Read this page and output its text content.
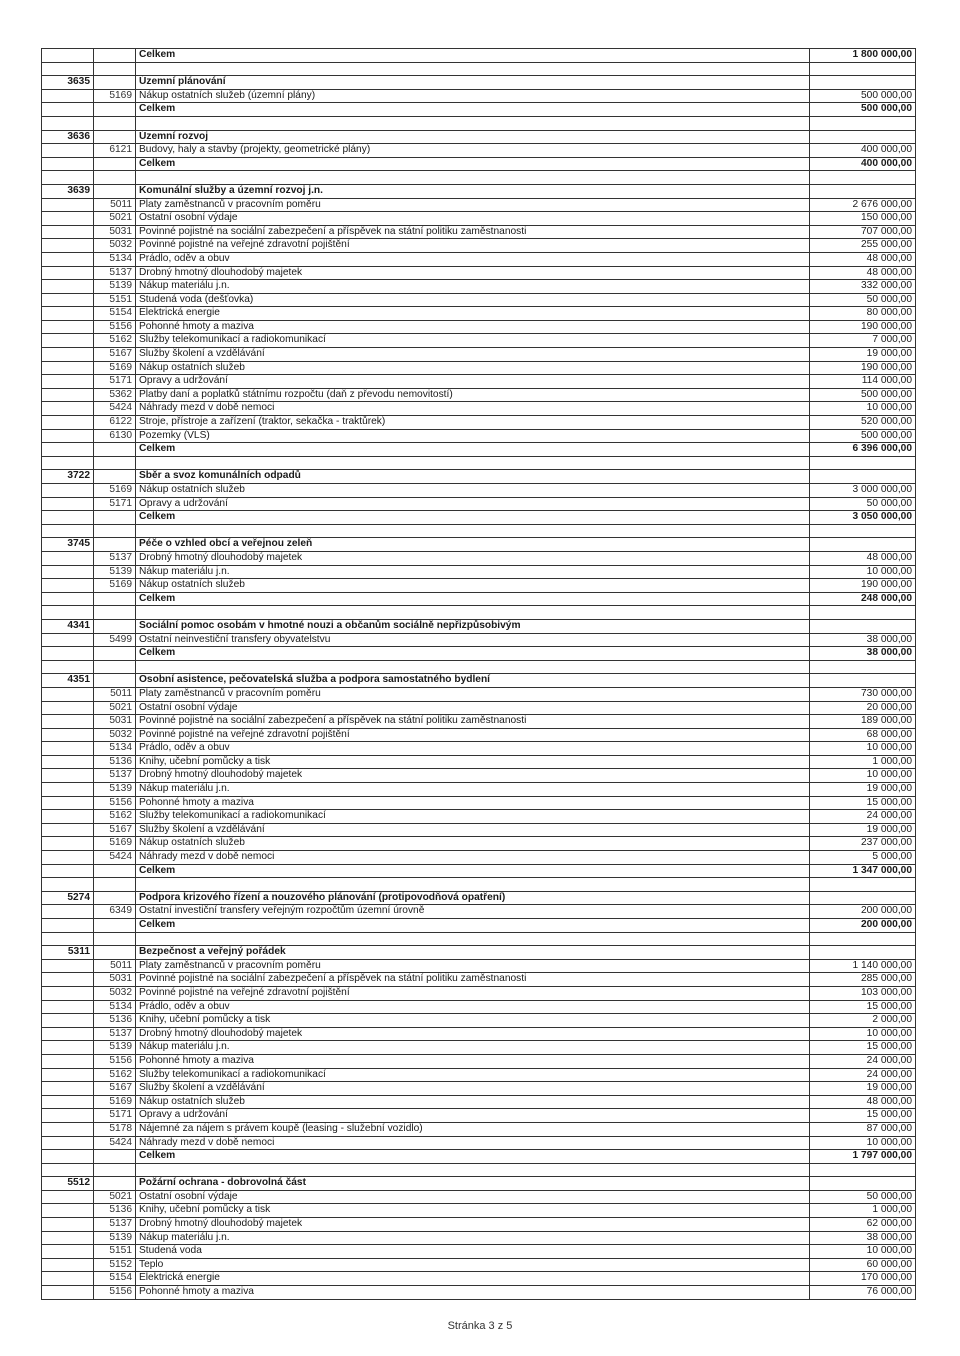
		Celkem	1 800 000,00

3635		Územní plánování	
	5169	Nákup ostatních služeb (územní plány)	500 000,00
		Celkem	500 000,00

3636		Územní rozvoj	
	6121	Budovy, haly a stavby (projekty, geometrické plány)	400 000,00
		Celkem	400 000,00

3639		Komunální služby a územní rozvoj j.n.	
	5011	Platy zaměstnanců v pracovním poměru	2 676 000,00
	5021	Ostatní osobní výdaje	150 000,00
	5031	Povinné pojistné na sociální zabezpečení a příspěvek na státní politiku zaměstnanosti	707 000,00
	5032	Povinné pojistné na veřejné zdravotní pojištění	255 000,00
	5134	Prádlo, oděv a obuv	48 000,00
	5137	Drobný hmotný dlouhodobý majetek	48 000,00
	5139	Nákup materiálu j.n.	332 000,00
	5151	Studená voda (dešťovka)	50 000,00
	5154	Elektrická energie	80 000,00
	5156	Pohonné hmoty a maziva	190 000,00
	5162	Služby telekomunikací a radiokomunikací	7 000,00
	5167	Služby školení a vzdělávání	19 000,00
	5169	Nákup ostatních služeb	190 000,00
	5171	Opravy a udržování	114 000,00
	5362	Platby daní a poplatků státnímu rozpočtu (daň z převodu nemovitostí)	500 000,00
	5424	Náhrady mezd v době nemoci	10 000,00
	6122	Stroje, přístroje a zařízení (traktor, sekačka - traktůrek)	520 000,00
	6130	Pozemky (VLS)	500 000,00
		Celkem	6 396 000,00

3722		Sběr a svoz komunálních odpadů	
	5169	Nákup ostatních služeb	3 000 000,00
	5171	Opravy a udržování	50 000,00
		Celkem	3 050 000,00

3745		Péče o vzhled obcí a veřejnou zeleň	
	5137	Drobný hmotný dlouhodobý majetek	48 000,00
	5139	Nákup materiálu j.n.	10 000,00
	5169	Nákup ostatních služeb	190 000,00
		Celkem	248 000,00

4341		Sociální pomoc osobám v hmotné nouzi a občanům sociálně nepřizpůsobivým	
	5499	Ostatní neinvestiční transfery obyvatelstvu	38 000,00
		Celkem	38 000,00

4351		Osobní asistence, pečovatelská služba a podpora samostatného bydlení	
	5011	Platy zaměstnanců v pracovním poměru	730 000,00
	5021	Ostatní osobní výdaje	20 000,00
	5031	Povinné pojistné na sociální zabezpečení a příspěvek na státní politiku zaměstnanosti	189 000,00
	5032	Povinné pojistné na veřejné zdravotní pojištění	68 000,00
	5134	Prádlo, oděv a obuv	10 000,00
	5136	Knihy, učební pomůcky a tisk	1 000,00
	5137	Drobný hmotný dlouhodobý majetek	10 000,00
	5139	Nákup materiálu j.n.	19 000,00
	5156	Pohonné hmoty a maziva	15 000,00
	5162	Služby telekomunikací a radiokomunikací	24 000,00
	5167	Služby školení a vzdělávání	19 000,00
	5169	Nákup ostatních služeb	237 000,00
	5424	Náhrady mezd v době nemoci	5 000,00
		Celkem	1 347 000,00

5274		Podpora krizového řízení a nouzového plánování (protipovodňová opatření)	
	6349	Ostatní investiční transfery veřejným rozpočtům územní úrovně	200 000,00
		Celkem	200 000,00

5311		Bezpečnost a veřejný pořádek	
	5011	Platy zaměstnanců v pracovním poměru	1 140 000,00
	5031	Povinné pojistné na sociální zabezpečení a příspěvek na státní politiku zaměstnanosti	285 000,00
	5032	Povinné pojistné na veřejné zdravotní pojištění	103 000,00
	5134	Prádlo, oděv a obuv	15 000,00
	5136	Knihy, učební pomůcky a tisk	2 000,00
	5137	Drobný hmotný dlouhodobý majetek	10 000,00
	5139	Nákup materiálu j.n.	15 000,00
	5156	Pohonné hmoty a maziva	24 000,00
	5162	Služby telekomunikací a radiokomunikací	24 000,00
	5167	Služby školení a vzdělávání	19 000,00
	5169	Nákup ostatních služeb	48 000,00
	5171	Opravy a udržování	15 000,00
	5178	Nájemné za nájem s právem koupě (leasing - služební vozidlo)	87 000,00
	5424	Náhrady mezd v době nemoci	10 000,00
		Celkem	1 797 000,00

5512		Požární ochrana - dobrovolná část	
	5021	Ostatní osobní výdaje	50 000,00
	5136	Knihy, učební pomůcky a tisk	1 000,00
	5137	Drobný hmotný dlouhodobý majetek	62 000,00
	5139	Nákup materiálu j.n.	38 000,00
	5151	Studená voda	10 000,00
	5152	Teplo	60 000,00
	5154	Elektrická energie	170 000,00
	5156	Pohonné hmoty a maziva	76 000,00
Stránka 3 z 5
